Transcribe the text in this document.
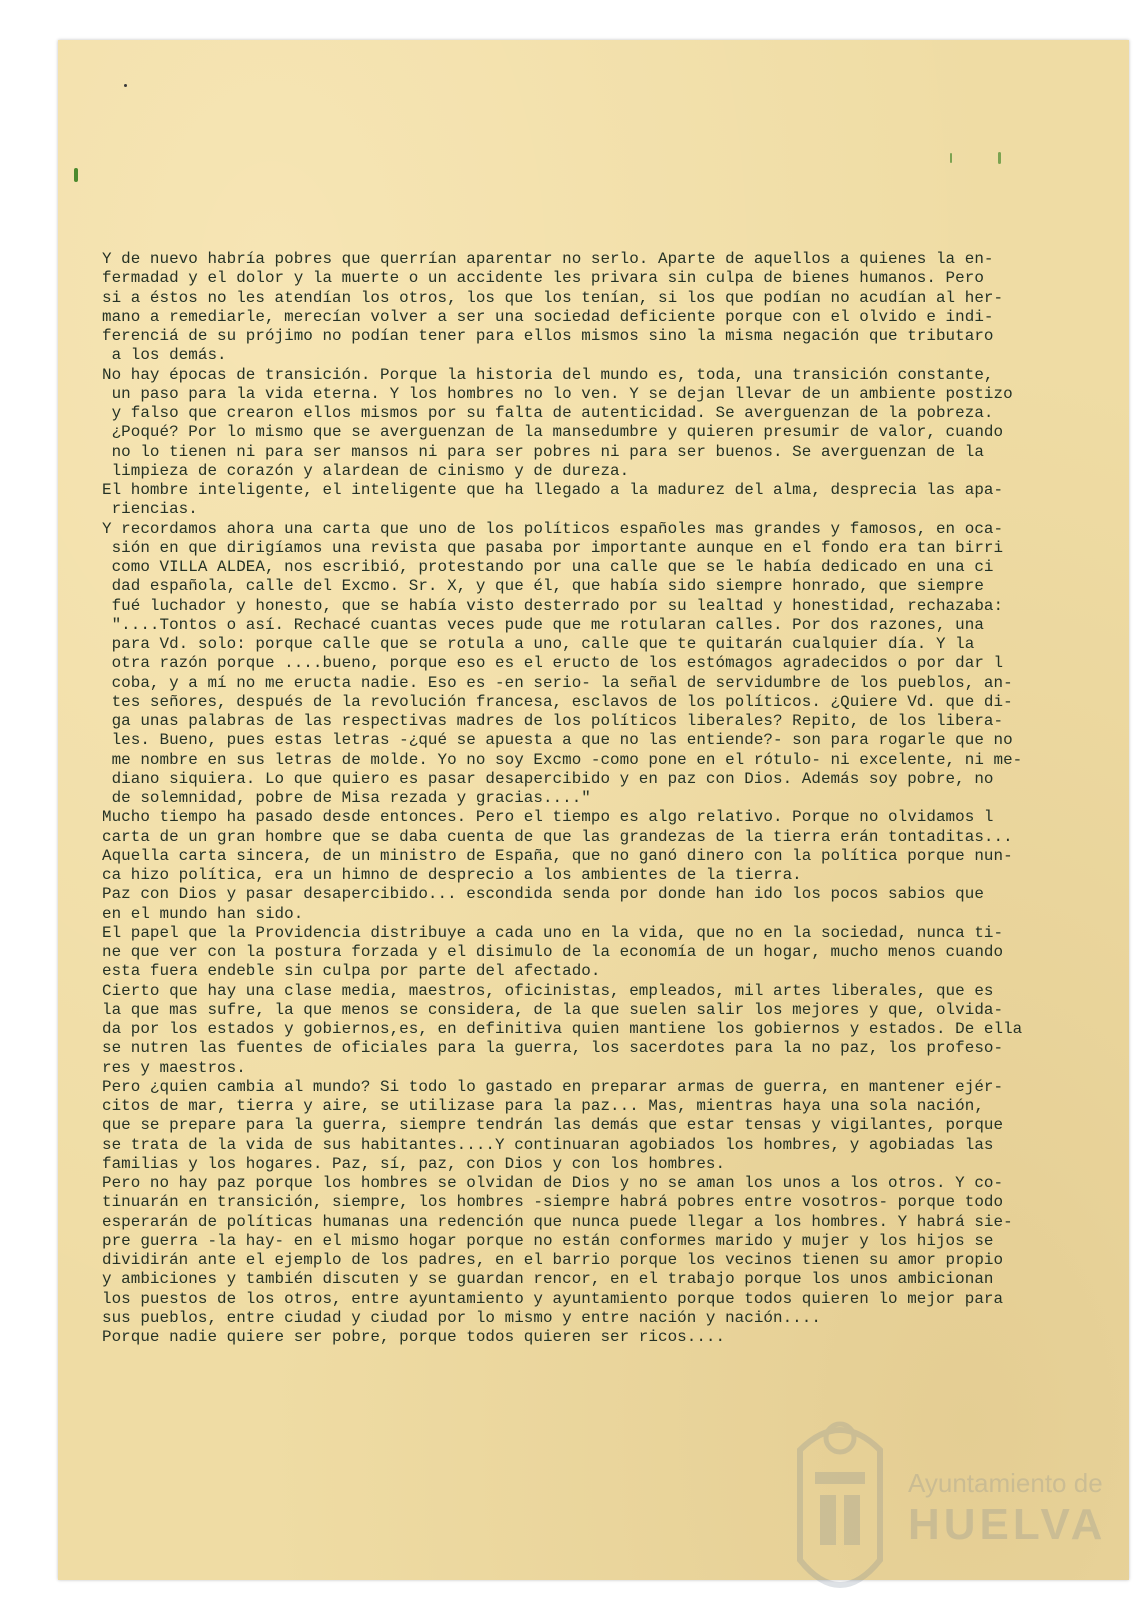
Y de nuevo habría pobres que querrían aparentar no serlo. Aparte de aquellos a quienes la en-
fermadad y el dolor y la muerte o un accidente les privara sin culpa de bienes humanos. Pero
si a éstos no les atendían los otros, los que los tenían, si los que podían no acudían al her-
mano a remediarle, merecían volver a ser una sociedad deficiente porque con el olvido e indi-
ferenciá de su prójimo no podían tener para ellos mismos sino la misma negación que tributaro
a los demás.
No hay épocas de transición. Porque la historia del mundo es, toda, una transición constante,
un paso para la vida eterna. Y los hombres no lo ven. Y se dejan llevar de un ambiente postizo
y falso que crearon ellos mismos por su falta de autenticidad. Se averguenzan de la pobreza.
¿Poqué? Por lo mismo que se averguenzan de la mansedumbre y quieren presumir de valor, cuando
no lo tienen ni para ser mansos ni para ser pobres ni para ser buenos. Se averguenzan de la
limpieza de corazón y alardean de cinismo y de dureza.
El hombre inteligente, el inteligente que ha llegado a la madurez del alma, desprecia las apa-
riencias.
Y recordamos ahora una carta que uno de los políticos españoles mas grandes y famosos, en oca-
sión en que dirigíamos una revista que pasaba por importante aunque en el fondo era tan birri
como VILLA ALDEA, nos escribió, protestando por una calle que se le había dedicado en una ci
dad española, calle del Excmo. Sr. X, y que él, que había sido siempre honrado, que siempre
fué luchador y honesto, que se había visto desterrado por su lealtad y honestidad, rechazaba:
"....Tontos o así. Rechacé cuantas veces pude que me rotularan calles. Por dos razones, una
para Vd. solo: porque calle que se rotula a uno, calle que te quitarán cualquier día. Y la
otra razón porque ....bueno, porque eso es el eructo de los estómagos agradecidos o por dar l
coba, y a mí no me eructa nadie. Eso es -en serio- la señal de servidumbre de los pueblos, an-
tes señores, después de la revolución francesa, esclavos de los políticos. ¿Quiere Vd. que di-
ga unas palabras de las respectivas madres de los políticos liberales? Repito, de los libera-
les. Bueno, pues estas letras -¿qué se apuesta a que no las entiende?- son para rogarle que no
me nombre en sus letras de molde. Yo no soy Excmo -como pone en el rótulo- ni excelente, ni me-
diano siquiera. Lo que quiero es pasar desapercibido y en paz con Dios. Además soy pobre, no
de solemnidad, pobre de Misa rezada y gracias...."
Mucho tiempo ha pasado desde entonces. Pero el tiempo es algo relativo. Porque no olvidamos l
carta de un gran hombre que se daba cuenta de que las grandezas de la tierra erán tontaditas...
Aquella carta sincera, de un ministro de España, que no ganó dinero con la política porque nun-
ca hizo política, era un himno de desprecio a los ambientes de la tierra.
Paz con Dios y pasar desapercibido... escondida senda por donde han ido los pocos sabios que
en el mundo han sido.
El papel que la Providencia distribuye a cada uno en la vida, que no en la sociedad, nunca ti-
ne que ver con la postura forzada y el disimulo de la economía de un hogar, mucho menos cuando
esta fuera endeble sin culpa por parte del afectado.
Cierto que hay una clase media, maestros, oficinistas, empleados, mil artes liberales, que es
la que mas sufre, la que menos se considera, de la que suelen salir los mejores y que, olvida-
da por los estados y gobiernos,es, en definitiva quien mantiene los gobiernos y estados. De ella
se nutren las fuentes de oficiales para la guerra, los sacerdotes para la no paz, los profeso-
res y maestros.
Pero ¿quien cambia al mundo? Si todo lo gastado en preparar armas de guerra, en mantener ejér-
citos de mar, tierra y aire, se utilizase para la paz... Mas, mientras haya una sola nación,
que se prepare para la guerra, siempre tendrán las demás que estar tensas y vigilantes, porque
se trata de la vida de sus habitantes....Y continuaran agobiados los hombres, y agobiadas las
familias y los hogares. Paz, sí, paz, con Dios y con los hombres.
Pero no hay paz porque los hombres se olvidan de Dios y no se aman los unos a los otros. Y co-
tinuarán en transición, siempre, los hombres -siempre habrá pobres entre vosotros- porque todo
esperarán de políticas humanas una redención que nunca puede llegar a los hombres. Y habrá sie-
pre guerra -la hay- en el mismo hogar porque no están conformes marido y mujer y los hijos se
dividirán ante el ejemplo de los padres, en el barrio porque los vecinos tienen su amor propio
y ambiciones y también discuten y se guardan rencor, en el trabajo porque los unos ambicionan
los puestos de los otros, entre ayuntamiento y ayuntamiento porque todos quieren lo mejor para
sus pueblos, entre ciudad y ciudad por lo mismo y entre nación y nación....
Porque nadie quiere ser pobre, porque todos quieren ser ricos....

Ayuntamiento de
HUELVA
